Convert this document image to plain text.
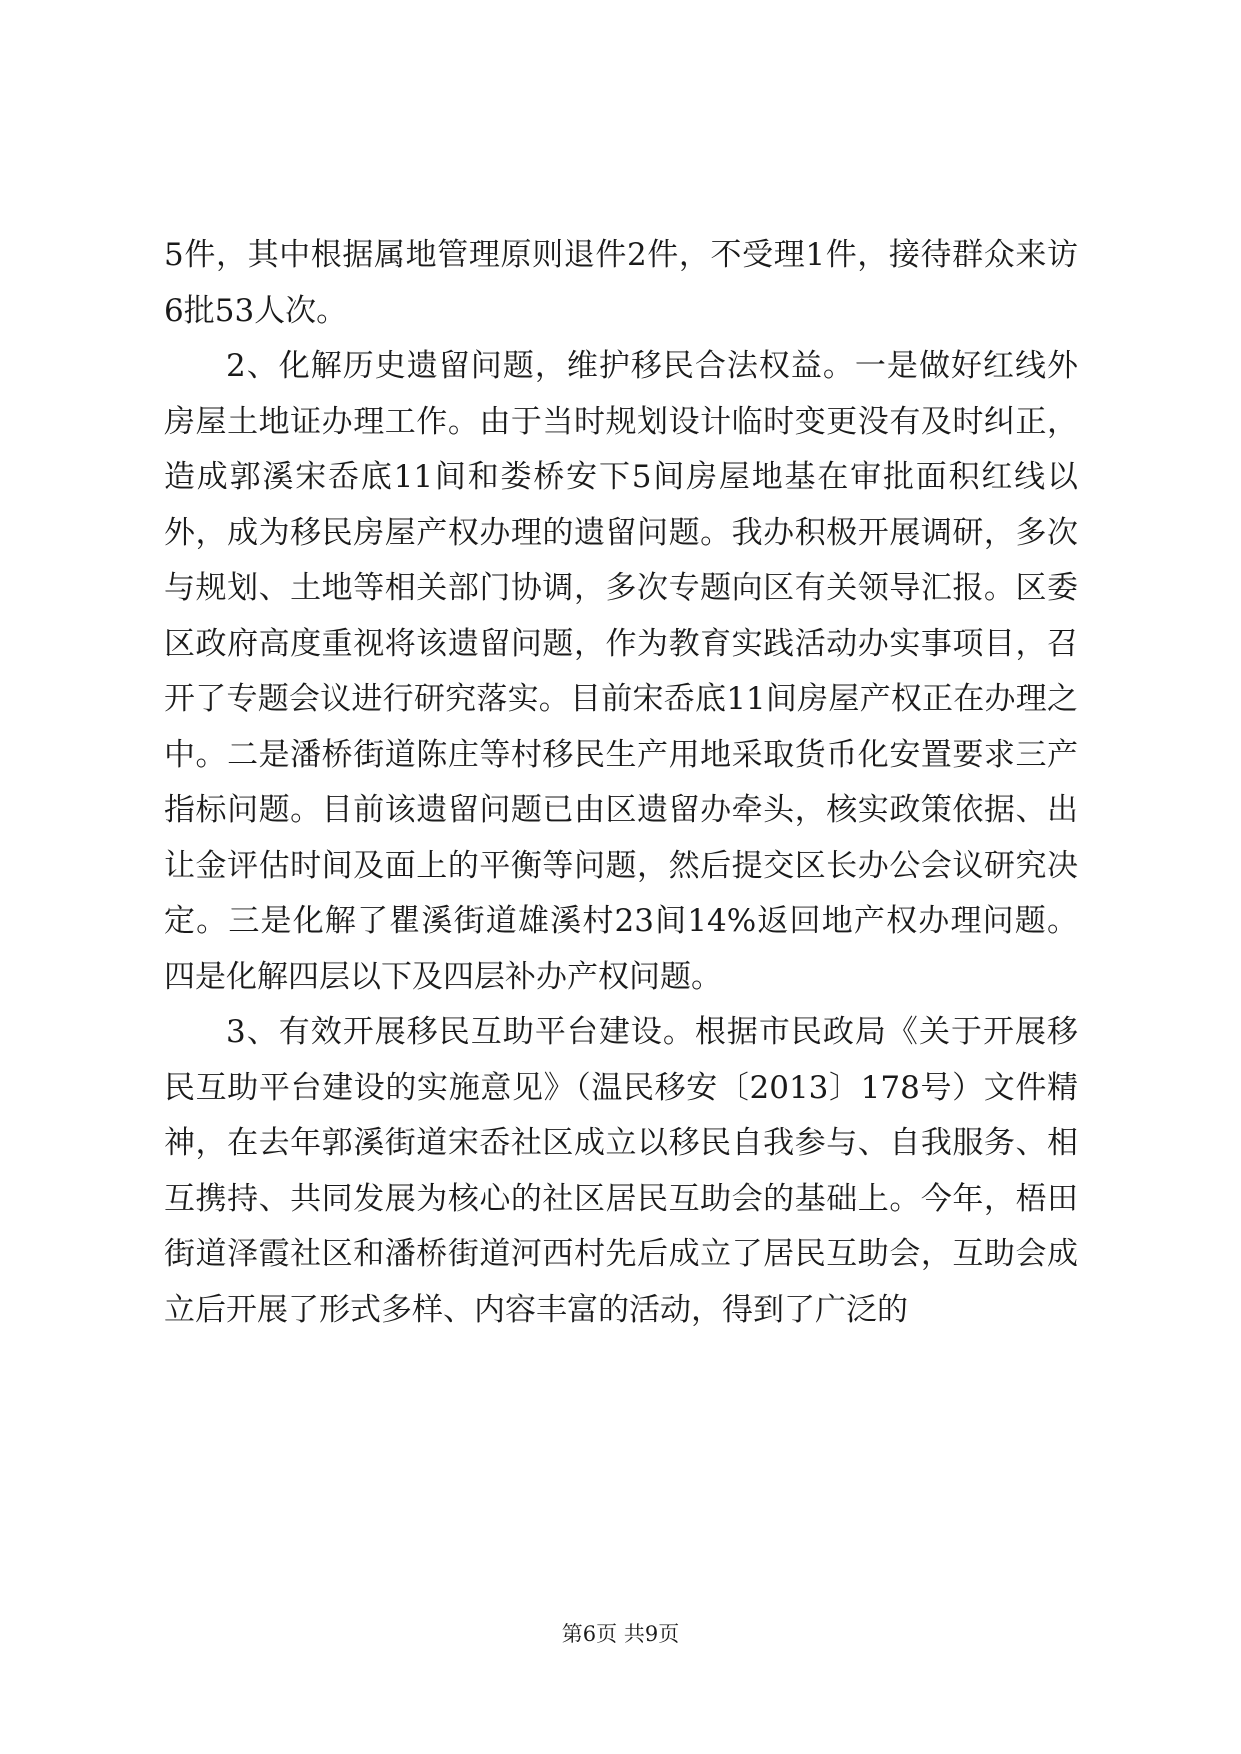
5件，其中根据属地管理原则退件2件，不受理1件，接待群众来访6批53人次。

2、化解历史遗留问题，维护移民合法权益。一是做好红线外房屋土地证办理工作。由于当时规划设计临时变更没有及时纠正，造成郭溪宋岙底11间和娄桥安下5间房屋地基在审批面积红线以外，成为移民房屋产权办理的遗留问题。我办积极开展调研，多次与规划、土地等相关部门协调，多次专题向区有关领导汇报。区委区政府高度重视将该遗留问题，作为教育实践活动办实事项目，召开了专题会议进行研究落实。目前宋岙底11间房屋产权正在办理之中。二是潘桥街道陈庄等村移民生产用地采取货币化安置要求三产指标问题。目前该遗留问题已由区遗留办牵头，核实政策依据、出让金评估时间及面上的平衡等问题，然后提交区长办公会议研究决定。三是化解了瞿溪街道雄溪村23间14%返回地产权办理问题。四是化解四层以下及四层补办产权问题。

3、有效开展移民互助平台建设。根据市民政局《关于开展移民互助平台建设的实施意见》（温民移安〔2013〕178号）文件精神，在去年郭溪街道宋岙社区成立以移民自我参与、自我服务、相互携持、共同发展为核心的社区居民互助会的基础上。今年，梧田街道泽霞社区和潘桥街道河西村先后成立了居民互助会，互助会成立后开展了形式多样、内容丰富的活动，得到了广泛的

第6页 共9页
